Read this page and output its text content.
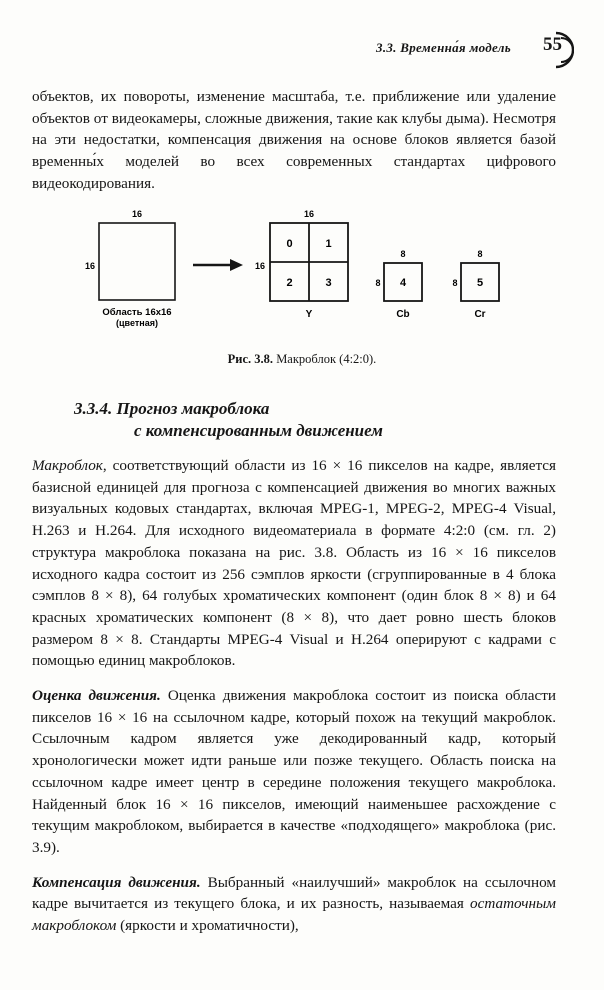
3.3. Временна́я модель 55

объектов, их повороты, изменение масштаба, т.е. приближение или удаление объектов от видеокамеры, сложные движения, такие как клубы дыма). Несмотря на эти недостатки, компенсация движения на основе блоков является базой временны́х моделей во всех современных стандартах цифрового видеокодирования.

16
16
Область 16x16
(цветная)
16
16
0	1
2	3
Y
8
8 4
Cb
8
8 5
Cr
Рис. 3.8. Макроблок (4:2:0).
3.3.4. Прогноз макроблока
с компенсированным движением

Макроблок, соответствующий области из 16 × 16 пикселов на кадре, является базисной единицей для прогноза с компенсацией движения во многих важных визуальных кодовых стандартах, включая MPEG-1, MPEG-2, MPEG-4 Visual, H.263 и H.264. Для исходного видеоматериала в формате 4:2:0 (см. гл. 2) структура макроблока показана на рис. 3.8. Область из 16 × 16 пикселов исходного кадра состоит из 256 сэмплов яркости (сгруппированные в 4 блока сэмплов 8 × 8), 64 голубых хроматических компонент (один блок 8 × 8) и 64 красных хроматических компонент (8 × 8), что дает ровно шесть блоков размером 8 × 8. Стандарты MPEG-4 Visual и H.264 оперируют с кадрами с помощью единиц макроблоков.

Оценка движения. Оценка движения макроблока состоит из поиска области пикселов 16 × 16 на ссылочном кадре, который похож на текущий макроблок. Ссылочным кадром является уже декодированный кадр, который хронологически может идти раньше или позже текущего. Область поиска на ссылочном кадре имеет центр в середине положения текущего макроблока. Найденный блок 16 × 16 пикселов, имеющий наименьшее расхождение с текущим макроблоком, выбирается в качестве «подходящего» макроблока (рис. 3.9).

Компенсация движения. Выбранный «наилучший» макроблок на ссылочном кадре вычитается из текущего блока, и их разность, называемая остаточным макроблоком (яркости и хроматичности),
